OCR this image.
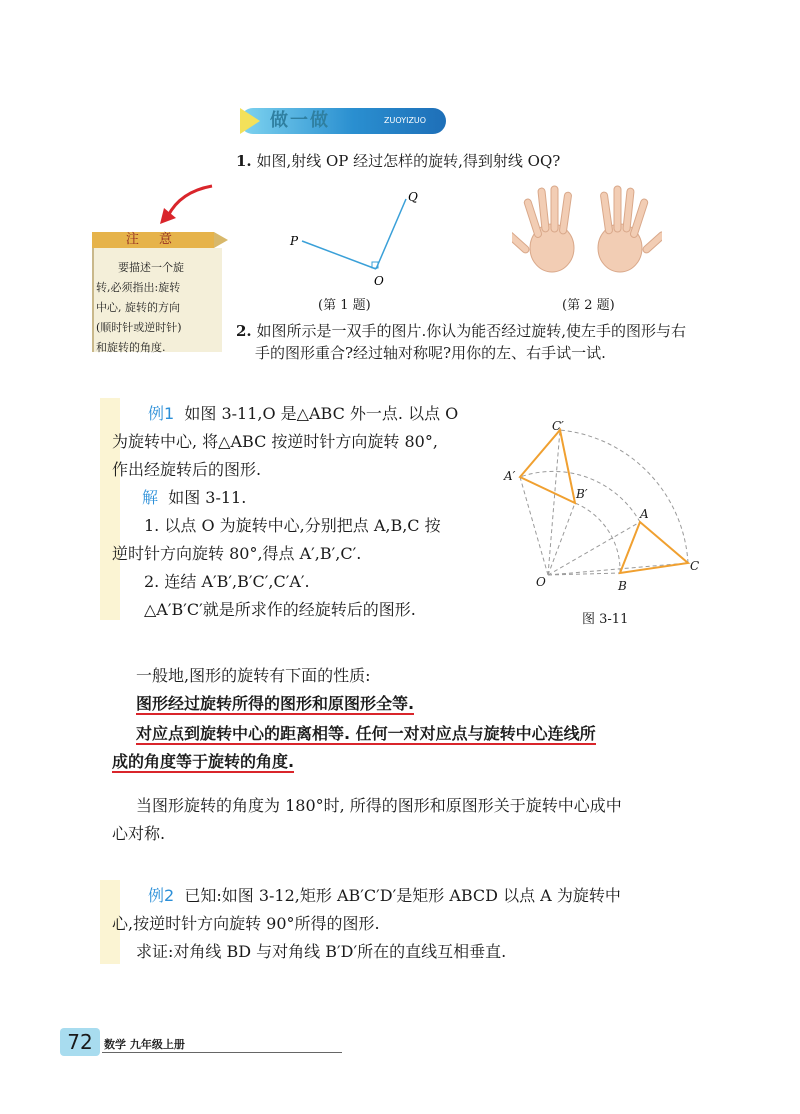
做一做	ZUOYIZUO
1. 如图,射线 OP 经过怎样的旋转,得到射线 OQ?
P
Q
O
(第 1 题)	(第 2 题)
2. 如图所示是一双手的图片.你认为能否经过旋转,使左手的图形与右
手的图形重合?经过轴对称呢?用你的左、右手试一试.
注 意
要描述一个旋
转,必须指出:旋转
中心, 旋转的方向
(顺时针或逆时针)
和旋转的角度.
例1 如图 3-11,O 是△ABC 外一点. 以点 O
为旋转中心, 将△ABC 按逆时针方向旋转 80°,
作出经旋转后的图形.
解 如图 3-11.
1. 以点 O 为旋转中心,分别把点 A,B,C 按
逆时针方向旋转 80°,得点 A′,B′,C′.
2. 连结 A′B′,B′C′,C′A′.
△A′B′C′就是所求作的经旋转后的图形.
O
A
B
C
A′
B′
C′
图 3-11
一般地,图形的旋转有下面的性质:
图形经过旋转所得的图形和原图形全等.
对应点到旋转中心的距离相等. 任何一对对应点与旋转中心连线所
成的角度等于旋转的角度.
当图形旋转的角度为 180°时, 所得的图形和原图形关于旋转中心成中
心对称.
例2 已知:如图 3-12,矩形 AB′C′D′是矩形 ABCD 以点 A 为旋转中
心,按逆时针方向旋转 90°所得的图形.
求证:对角线 BD 与对角线 B′D′所在的直线互相垂直.
72	数学 九年级上册
